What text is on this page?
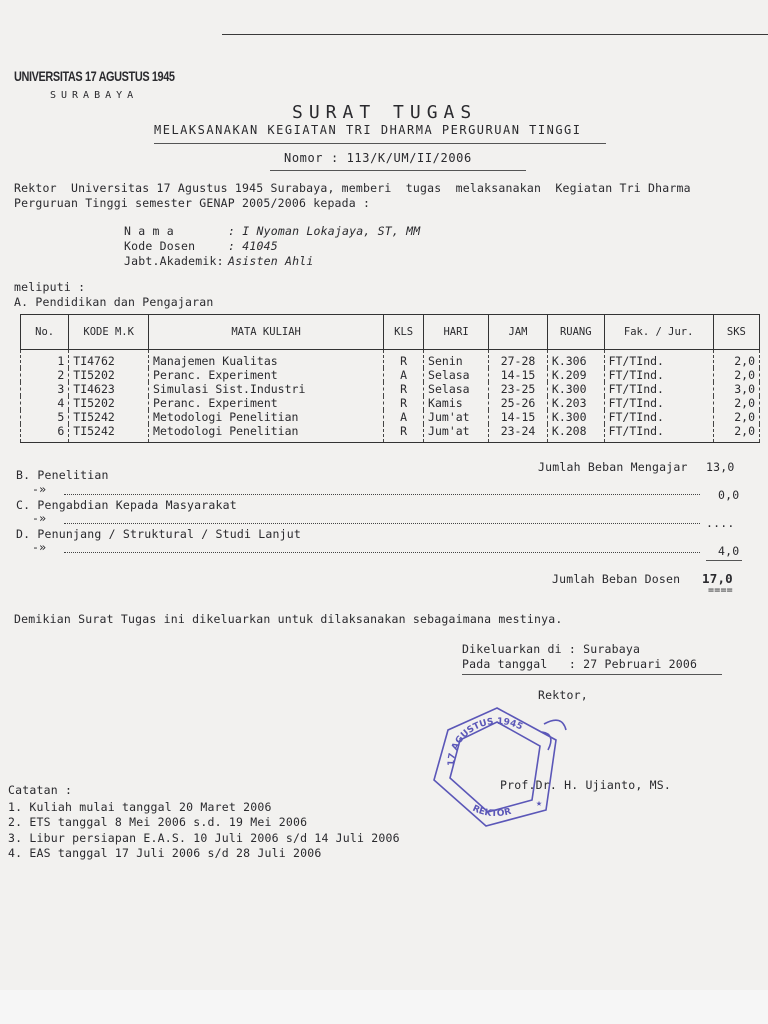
UNIVERSITAS 17 AGUSTUS 1945
SURABAYA
SURAT TUGAS
MELAKSANAKAN KEGIATAN TRI DHARMA PERGURUAN TINGGI
Nomor : 113/K/UM/II/2006
Rektor  Universitas 17 Agustus 1945 Surabaya, memberi  tugas  melaksanakan  Kegiatan Tri Dharma
Perguruan Tinggi semester GENAP 2005/2006 kepada :
N a m a	: I Nyoman Lokajaya, ST, MM
Kode Dosen	: 41045
Jabt.Akademik: Asisten Ahli
meliputi :
A. Pendidikan dan Pengajaran
No.	KODE M.K	MATA KULIAH	KLS	HARI	JAM	RUANG	Fak. / Jur.	SKS
1	TI4762	Manajemen Kualitas	R	Senin	27-28	K.306	FT/TInd.	2,0
2	TI5202	Peranc. Experiment	A	Selasa	14-15	K.209	FT/TInd.	2,0
3	TI4623	Simulasi Sist.Industri	R	Selasa	23-25	K.300	FT/TInd.	3,0
4	TI5202	Peranc. Experiment	R	Kamis	25-26	K.203	FT/TInd.	2,0
5	TI5242	Metodologi Penelitian	A	Jum'at	14-15	K.300	FT/TInd.	2,0
6	TI5242	Metodologi Penelitian	R	Jum'at	23-24	K.208	FT/TInd.	2,0
Jumlah Beban Mengajar 13,0
B. Penelitian
-»	0,0
C. Pengabdian Kepada Masyarakat
-»	....
D. Penunjang / Struktural / Studi Lanjut
-»	4,0
Jumlah Beban Dosen 17,0
====
Demikian Surat Tugas ini dikeluarkan untuk dilaksanakan sebagaimana mestinya.
Dikeluarkan di : Surabaya
Pada tanggal   : 27 Pebruari 2006
Rektor,
17 AGUSTUS 1945
REKTOR
★
Prof.Dr. H. Ujianto, MS.
Catatan :
1. Kuliah mulai tanggal 20 Maret 2006
2. ETS tanggal 8 Mei 2006 s.d. 19 Mei 2006
3. Libur persiapan E.A.S. 10 Juli 2006 s/d 14 Juli 2006
4. EAS tanggal 17 Juli 2006 s/d 28 Juli 2006
